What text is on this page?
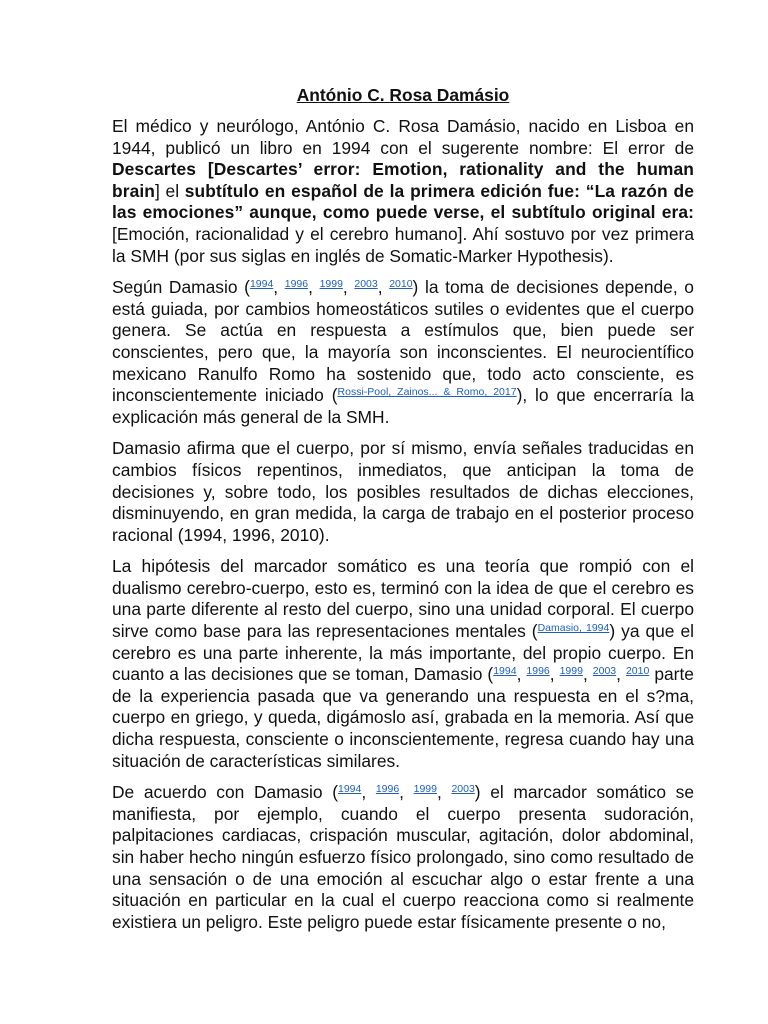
António C. Rosa Damásio

El médico y neurólogo, António C. Rosa Damásio, nacido en Lisboa en 1944, publicó un libro en 1994 con el sugerente nombre: El error de Descartes [Descartes’ error: Emotion, rationality and the human brain] el subtítulo en español de la primera edición fue: “La razón de las emociones” aunque, como puede verse, el subtítulo original era: [Emoción, racionalidad y el cerebro humano]. Ahí sostuvo por vez primera la SMH (por sus siglas en inglés de Somatic-Marker Hypothesis).

Según Damasio ($^{1994}$, $^{1996}$, $^{1999}$, $^{2003}$, $^{2010}$) la toma de decisiones depende, o está guiada, por cambios homeostáticos sutiles o evidentes que el cuerpo genera. Se actúa en respuesta a estímulos que, bien puede ser conscientes, pero que, la mayoría son inconscientes. El neurocientífico mexicano Ranulfo Romo ha sostenido que, todo acto consciente, es inconscientemente iniciado ($^{Rossi-Pool, Zainos... \& Romo, 2017}$), lo que encerraría la explicación más general de la SMH.

Damasio afirma que el cuerpo, por sí mismo, envía señales traducidas en cambios físicos repentinos, inmediatos, que anticipan la toma de decisiones y, sobre todo, los posibles resultados de dichas elecciones, disminuyendo, en gran medida, la carga de trabajo en el posterior proceso racional (1994, 1996, 2010).

La hipótesis del marcador somático es una teoría que rompió con el dualismo cerebro-cuerpo, esto es, terminó con la idea de que el cerebro es una parte diferente al resto del cuerpo, sino una unidad corporal. El cuerpo sirve como base para las representaciones mentales ($^{Damasio, 1994}$) ya que el cerebro es una parte inherente, la más importante, del propio cuerpo. En cuanto a las decisiones que se toman, Damasio ($^{1994}$, $^{1996}$, $^{1999}$, $^{2003}$, $^{2010}$ parte de la experiencia pasada que va generando una respuesta en el s?ma, cuerpo en griego, y queda, digámoslo así, grabada en la memoria. Así que dicha respuesta, consciente o inconscientemente, regresa cuando hay una situación de características similares.

De acuerdo con Damasio ($^{1994}$, $^{1996}$, $^{1999}$, $^{2003}$) el marcador somático se manifiesta, por ejemplo, cuando el cuerpo presenta sudoración, palpitaciones cardiacas, crispación muscular, agitación, dolor abdominal, sin haber hecho ningún esfuerzo físico prolongado, sino como resultado de una sensación o de una emoción al escuchar algo o estar frente a una situación en particular en la cual el cuerpo reacciona como si realmente existiera un peligro. Este peligro puede estar físicamente presente o no,
